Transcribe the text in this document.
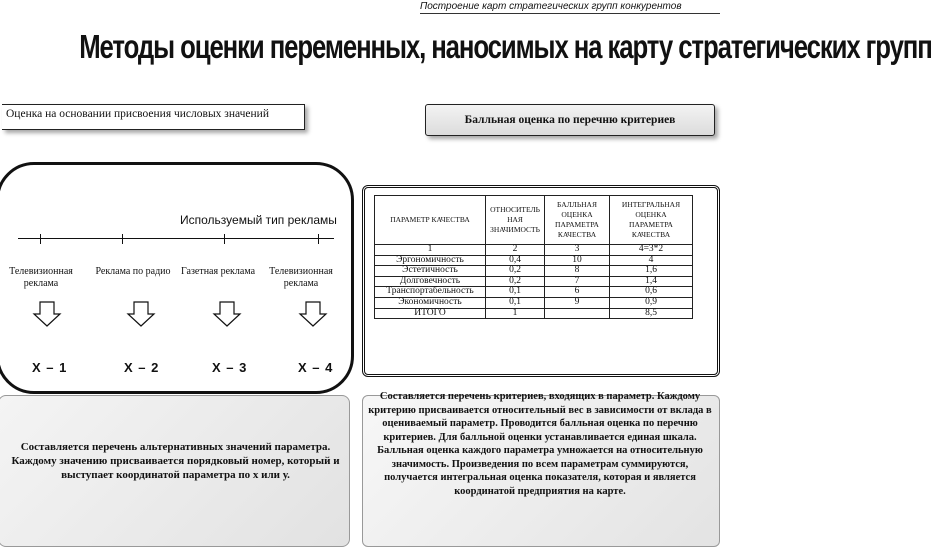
Построение карт стратегических групп конкурентов
Методы оценки переменных, наносимых на карту стратегических групп
Оценка на основании присвоения числовых значений	Балльная оценка по перечню критериев
Используемый тип рекламы
Телевизионная
реклама
Реклама по радио	Газетная реклама	Телевизионная
реклама
Х – 1	Х – 2	Х – 3	Х – 4
ПАРАМЕТР КАЧЕСТВА	ОТНОСИТЕЛЬ НАЯ ЗНАЧИМОСТЬ	БАЛЛЬНАЯ ОЦЕНКА ПАРАМЕТРА КАЧЕСТВА	ИНТЕГРАЛЬНАЯ ОЦЕНКА ПАРАМЕТРА КАЧЕСТВА
1	2	3	4=3*2
Эргономичность	0,4	10	4
Эстетичность	0,2	8	1,6
Долговечность	0,2	7	1,4
Транспортабельность	0,1	6	0,6
Экономичность	0,1	9	0,9
ИТОГО	1		8,5
Составляется перечень альтернативных значений параметра. Каждому значению присваивается порядковый номер, который и выступает координатой параметра по х или у.
Составляется перечень критериев, входящих в параметр. Каждому критерию присваивается относительный вес в зависимости от вклада в оцениваемый параметр. Проводится балльная оценка по перечню критериев. Для балльной оценки устанавливается единая шкала. Балльная оценка каждого параметра умножается на относительную значимость. Произведения по всем параметрам суммируются, получается интегральная оценка показателя, которая и является координатой предприятия на карте.
